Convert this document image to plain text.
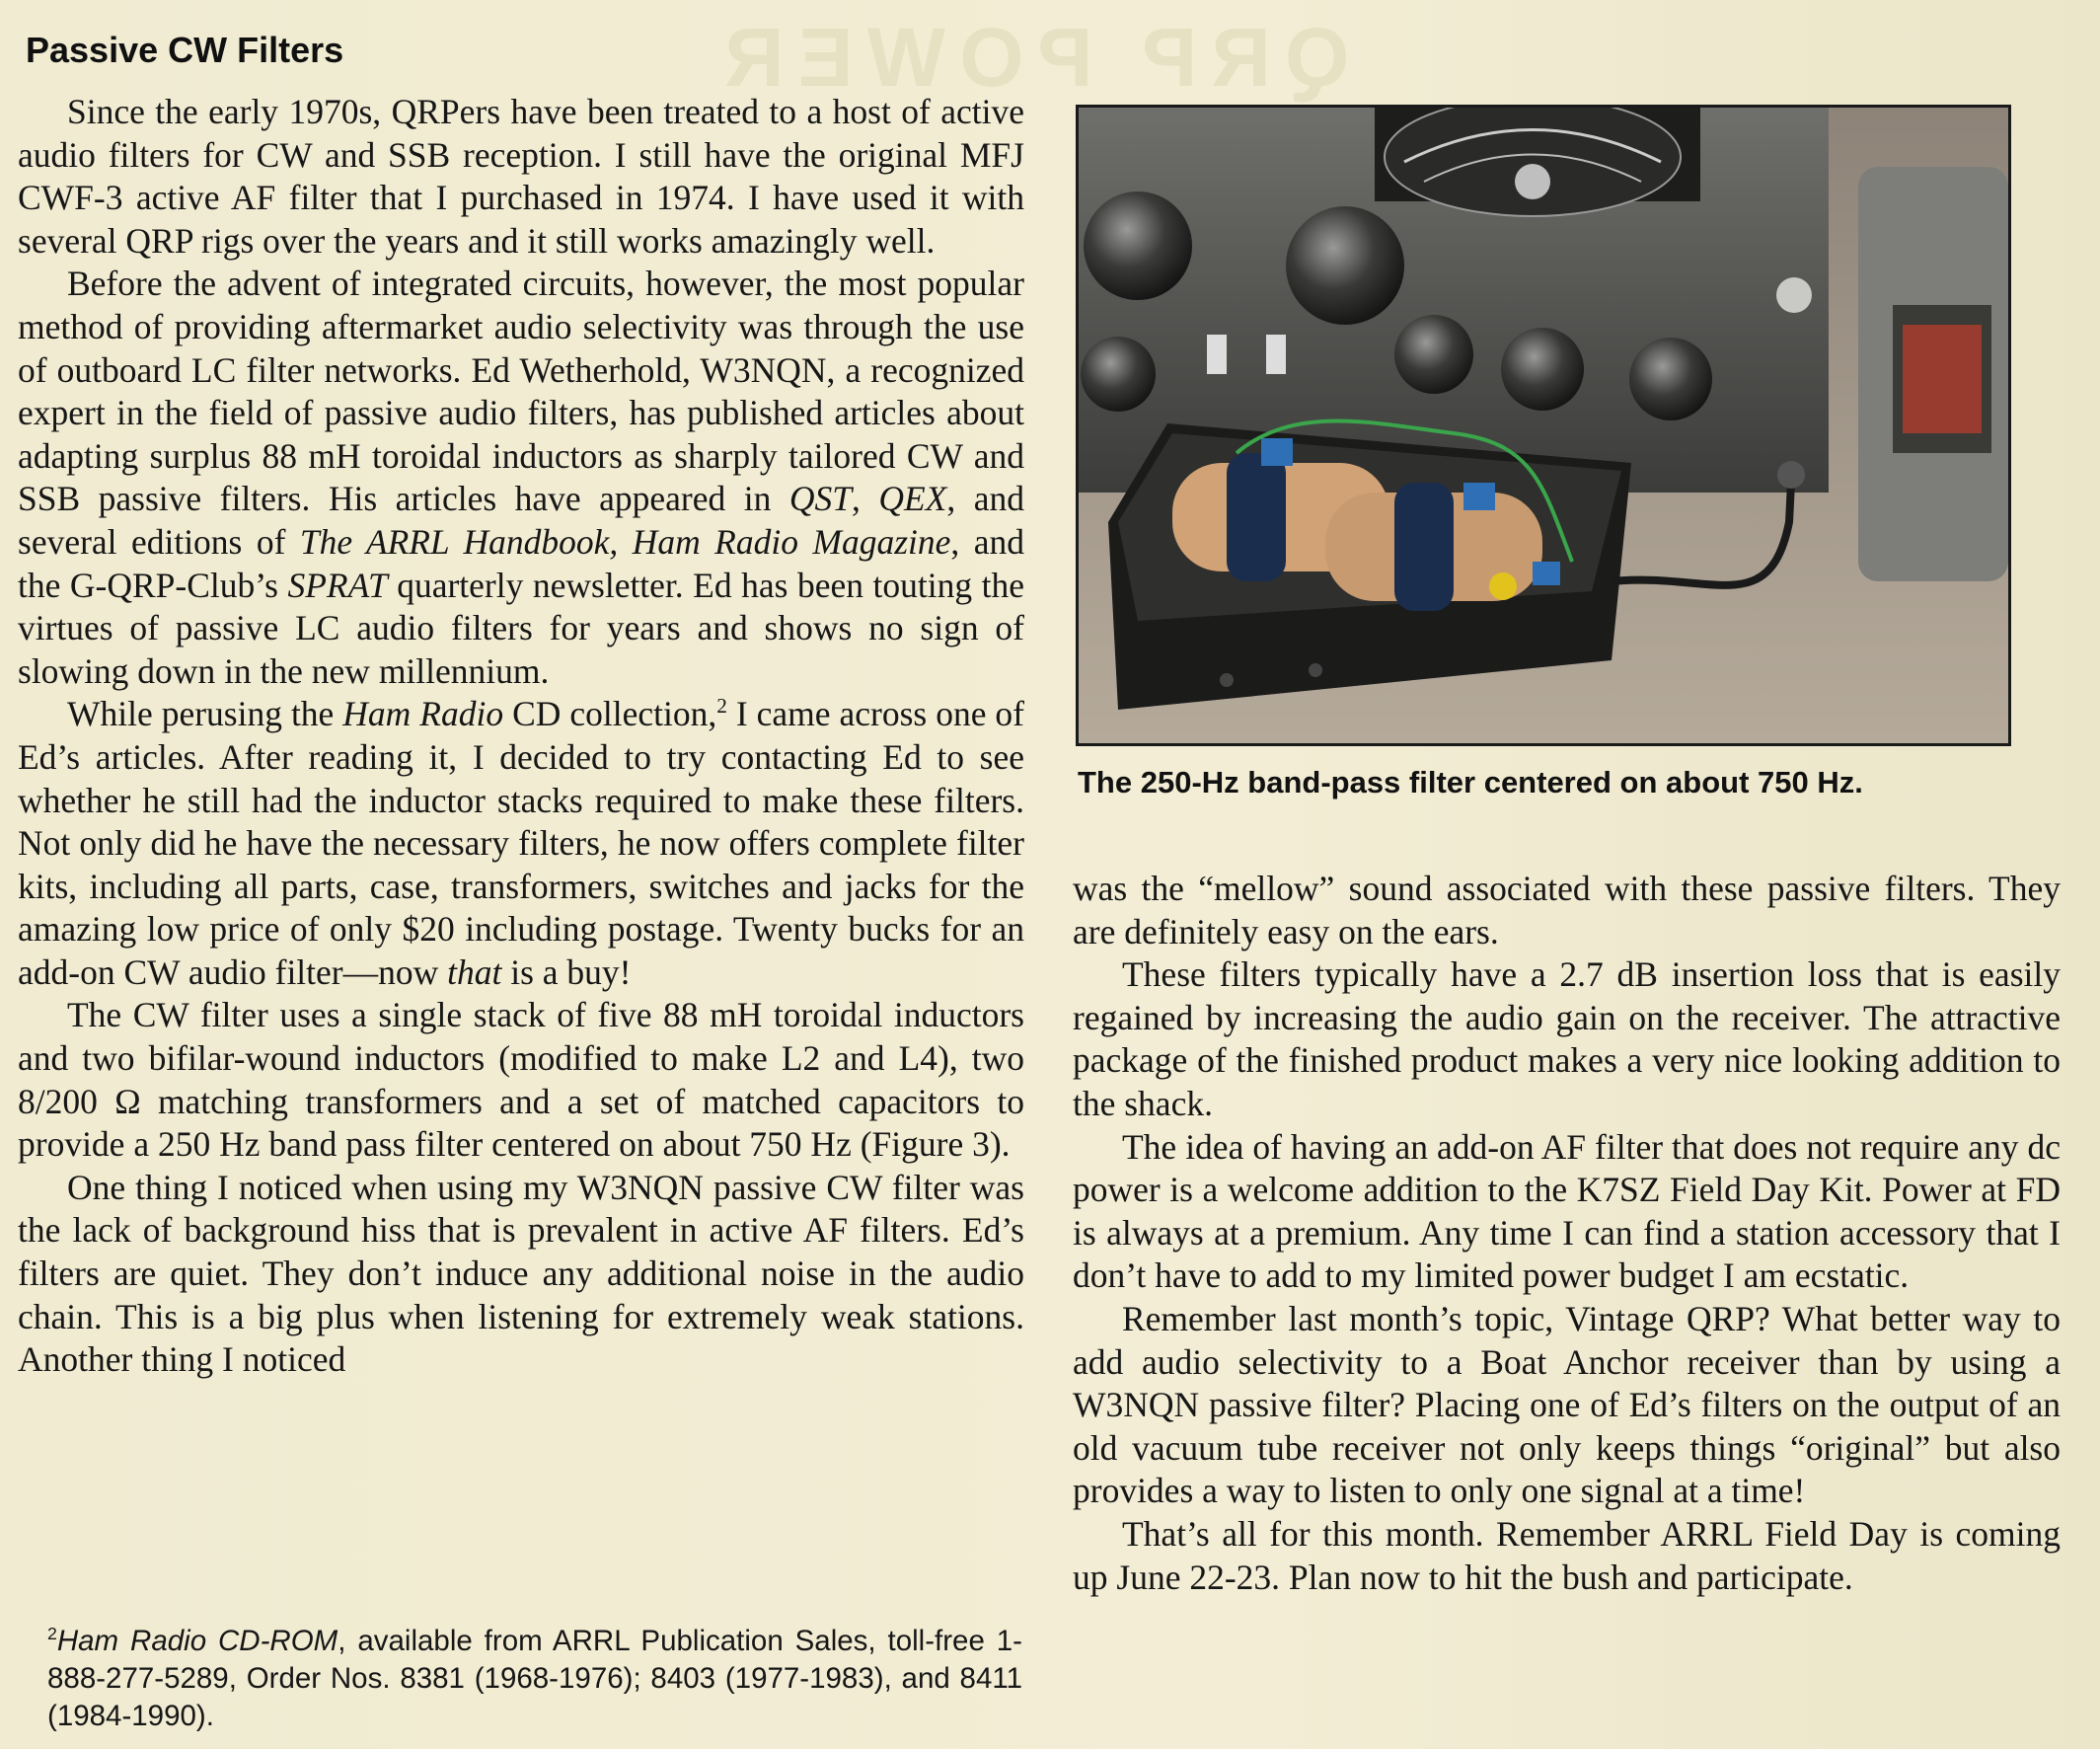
QRP POWER
Passive CW Filters

Since the early 1970s, QRPers have been treated to a host of active audio filters for CW and SSB reception. I still have the original MFJ CWF-3 active AF filter that I purchased in 1974. I have used it with several QRP rigs over the years and it still works amazingly well.

Before the advent of integrated circuits, however, the most popular method of providing aftermarket audio selectivity was through the use of outboard LC filter networks. Ed Wetherhold, W3NQN, a recognized expert in the field of passive audio filters, has published articles about adapting surplus 88 mH toroidal inductors as sharply tailored CW and SSB passive filters. His articles have appeared in QST, QEX, and several editions of The ARRL Handbook, Ham Radio Magazine, and the G-QRP-Club’s SPRAT quarterly newsletter. Ed has been touting the virtues of passive LC audio filters for years and shows no sign of slowing down in the new millennium.

While perusing the Ham Radio CD collection,$^2$ I came across one of Ed’s articles. After reading it, I decided to try contacting Ed to see whether he still had the inductor stacks required to make these filters. Not only did he have the necessary filters, he now offers complete filter kits, including all parts, case, transformers, switches and jacks for the amazing low price of only $20 including postage. Twenty bucks for an add-on CW audio filter—now that is a buy!

The CW filter uses a single stack of five 88 mH toroidal inductors and two bifilar-wound inductors (modified to make L2 and L4), two 8/200 Ω matching transformers and a set of matched capacitors to provide a 250 Hz band pass filter centered on about 750 Hz (Figure 3).

One thing I noticed when using my W3NQN passive CW filter was the lack of background hiss that is prevalent in active AF filters. Ed’s filters are quiet. They don’t induce any additional noise in the audio chain. This is a big plus when listening for extremely weak stations. Another thing I noticed

$^2$Ham Radio CD-ROM, available from ARRL Publication Sales, toll-free 1-888-277-5289, Order Nos. 8381 (1968-1976); 8403 (1977-1983), and 8411 (1984-1990).
The 250-Hz band-pass filter centered on about 750 Hz.

was the “mellow” sound associated with these passive filters. They are definitely easy on the ears.

These filters typically have a 2.7 dB insertion loss that is easily regained by increasing the audio gain on the receiver. The attractive package of the finished product makes a very nice looking addition to the shack.

The idea of having an add-on AF filter that does not require any dc power is a welcome addition to the K7SZ Field Day Kit. Power at FD is always at a premium. Any time I can find a station accessory that I don’t have to add to my limited power budget I am ecstatic.

Remember last month’s topic, Vintage QRP? What better way to add audio selectivity to a Boat Anchor receiver than by using a W3NQN passive filter? Placing one of Ed’s filters on the output of an old vacuum tube receiver not only keeps things “original” but also provides a way to listen to only one signal at a time!

That’s all for this month. Remember ARRL Field Day is coming up June 22-23. Plan now to hit the bush and participate.
